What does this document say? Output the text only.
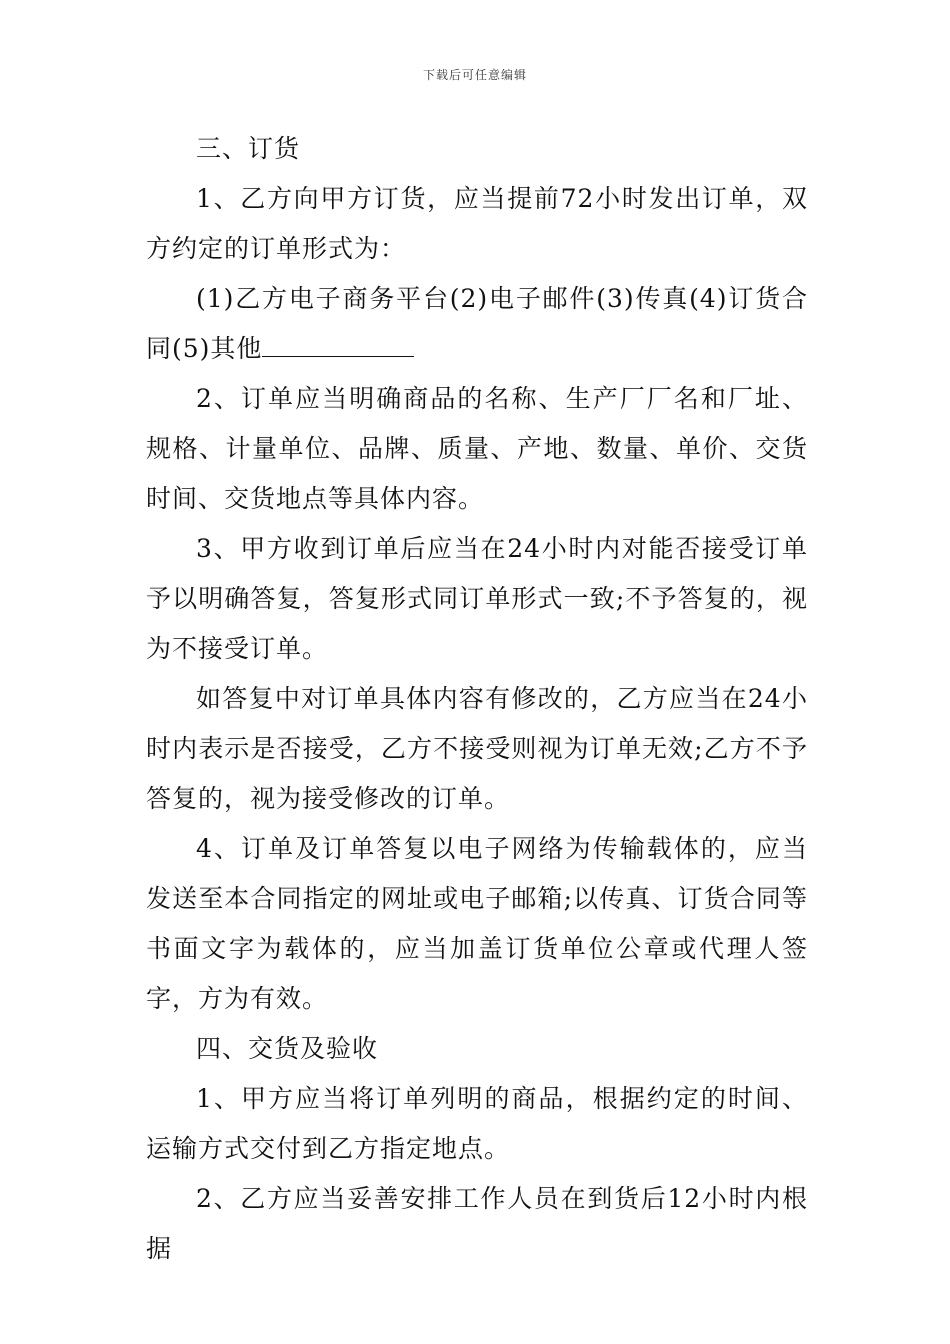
下载后可任意编辑

三、订货

1、乙方向甲方订货，应当提前72小时发出订单，双方约定的订单形式为：

(1)乙方电子商务平台(2)电子邮件(3)传真(4)订货合同(5)其他

2、订单应当明确商品的名称、生产厂厂名和厂址、规格、计量单位、品牌、质量、产地、数量、单价、交货时间、交货地点等具体内容。

3、甲方收到订单后应当在24小时内对能否接受订单予以明确答复，答复形式同订单形式一致;不予答复的，视为不接受订单。

如答复中对订单具体内容有修改的，乙方应当在24小时内表示是否接受，乙方不接受则视为订单无效;乙方不予答复的，视为接受修改的订单。

4、订单及订单答复以电子网络为传输载体的，应当发送至本合同指定的网址或电子邮箱;以传真、订货合同等书面文字为载体的，应当加盖订货单位公章或代理人签字，方为有效。

四、交货及验收

1、甲方应当将订单列明的商品，根据约定的时间、运输方式交付到乙方指定地点。

2、乙方应当妥善安排工作人员在到货后12小时内根据
